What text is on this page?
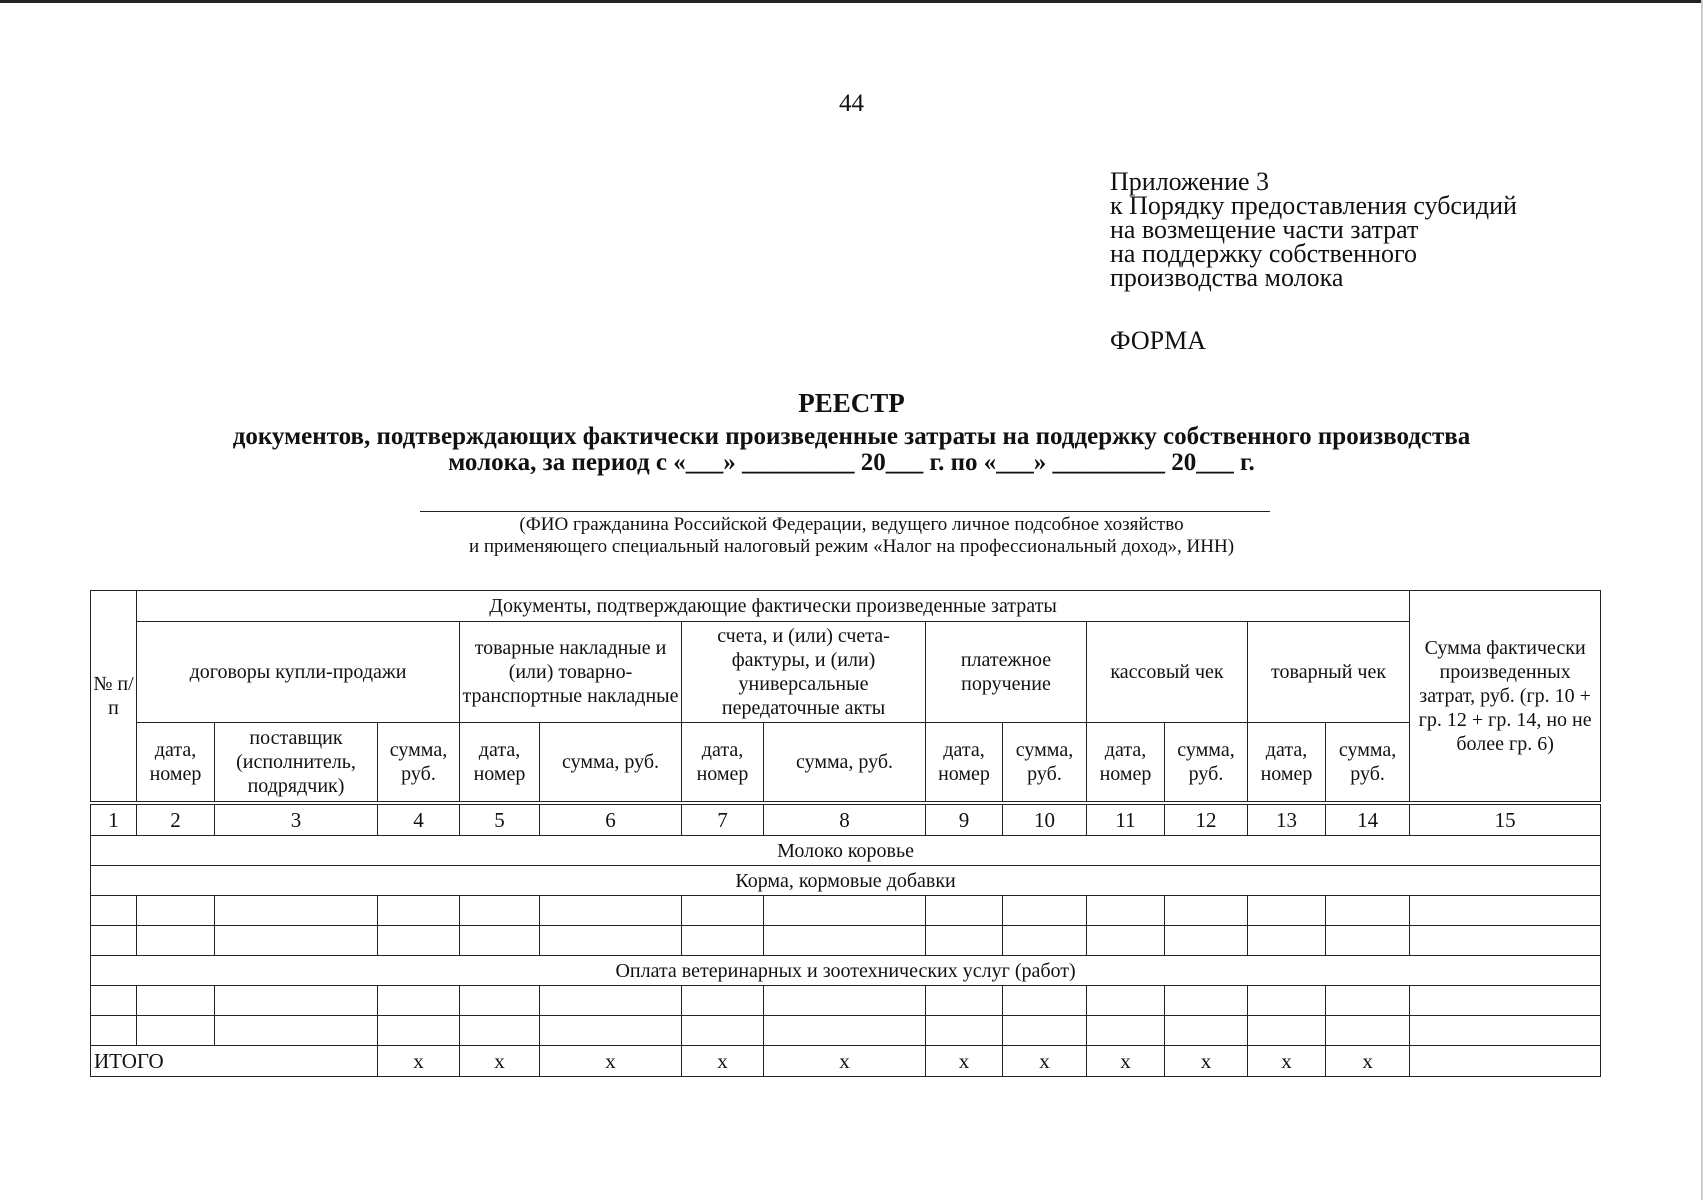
44
Приложение 3
к Порядку предоставления субсидий
на возмещение части затрат
на поддержку собственного
производства молока
ФОРМА
РЕЕСТР
документов, подтверждающих фактически произведенные затраты на поддержку собственного производства
молока, за период с «___» _________ 20___ г. по «___» _________ 20___ г.
(ФИО гражданина Российской Федерации, ведущего личное подсобное хозяйство
и применяющего специальный налоговый режим «Налог на профессиональный доход», ИНН)
№ п/п	Документы, подтверждающие фактически произведенные затраты													Сумма фактически произведенных затрат, руб. (гр. 10 + гр. 12 + гр. 14, но не более гр. 6)
	договоры купли-продажи			товарные накладные и (или) товарно-транспортные накладные		счета, и (или) счета-фактуры, и (или) универсальные передаточные акты		платежное поручение		кассовый чек		товарный чек		
	дата, номер	поставщик (исполнитель, подрядчик)	сумма, руб.	дата, номер	сумма, руб.	дата, номер	сумма, руб.	дата, номер	сумма, руб.	дата, номер	сумма, руб.	дата, номер	сумма, руб.	
1	2	3	4	5	6	7	8	9	10	11	12	13	14	15
Молоко коровье														
Корма, кормовые добавки														

Оплата ветеринарных и зоотехнических услуг (работ)														

ИТОГО			х	х	х	х	х	х	х	х	х	х	х	
